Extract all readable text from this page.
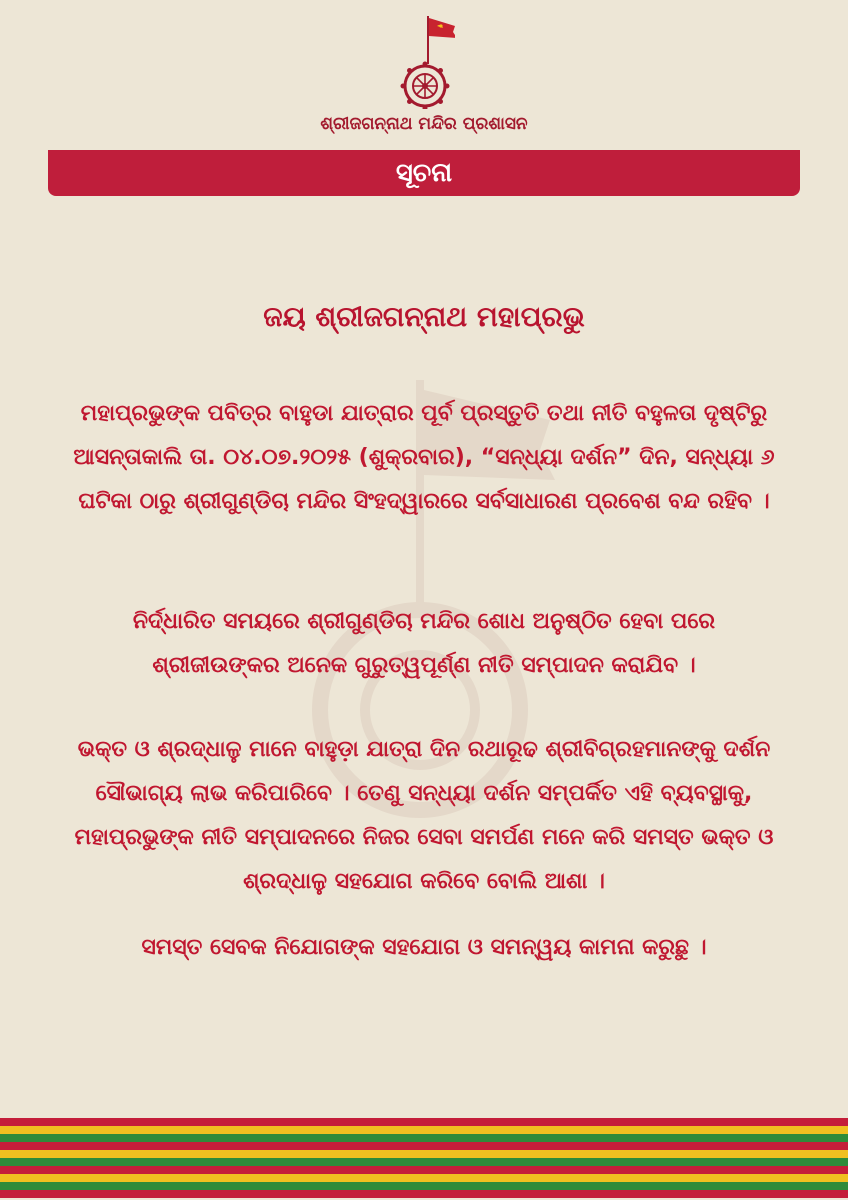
ଶ୍ରୀଜଗନ୍ନାଥ ମନ୍ଦିର ପ୍ରଶାସନ
ସୂଚନା
ଜୟ ଶ୍ରୀଜଗନ୍ନାଥ ମହାପ୍ରଭୁ
ମହାପ୍ରଭୁଙ୍କ ପବିତ୍ର ବାହୁଡା ଯାତ୍ରାର ପୂର୍ବ ପ୍ରସ୍ତୁତି ତଥା ନୀତି ବହୁଳତା ଦୃଷ୍ଟିରୁ ଆସନ୍ତାକାଲି ତା. ୦୪.୦୭.୨୦୨୫ (ଶୁକ୍ରବାର), “ସନ୍ଧ୍ୟା ଦର୍ଶନ” ଦିନ, ସନ୍ଧ୍ୟା ୬ ଘଟିକା ଠାରୁ ଶ୍ରୀଗୁଣ୍ଡିଚା ମନ୍ଦିର ସିଂହଦ୍ୱାରରେ ସର୍ବସାଧାରଣ ପ୍ରବେଶ ବନ୍ଦ ରହିବ ।
ନିର୍ଦ୍ଧାରିତ ସମୟରେ ଶ୍ରୀଗୁଣ୍ଡିଚା ମନ୍ଦିର ଶୋଧ ଅନୁଷ୍ଠିତ ହେବା ପରେ ଶ୍ରୀଜୀଉଙ୍କର ଅନେକ ଗୁରୁତ୍ୱପୂର୍ଣ୍ଣ ନୀତି ସମ୍ପାଦନ କରାଯିବ ।
ଭକ୍ତ ଓ ଶ୍ରଦ୍ଧାଳୁ ମାନେ ବାହୁଡ଼ା ଯାତ୍ରା ଦିନ ରଥାରୂଢ ଶ୍ରୀବିଗ୍ରହମାନଙ୍କୁ ଦର୍ଶନ ସୌଭାଗ୍ୟ ଲାଭ କରିପାରିବେ । ତେଣୁ ସନ୍ଧ୍ୟା ଦର୍ଶନ ସମ୍ପର୍କିତ ଏହି ବ୍ୟବସ୍ଥାକୁ, ମହାପ୍ରଭୁଙ୍କ ନୀତି ସମ୍ପାଦନରେ ନିଜର ସେବା ସମର୍ପଣ ମନେ କରି ସମସ୍ତ ଭକ୍ତ ଓ ଶ୍ରଦ୍ଧାଳୁ ସହଯୋଗ କରିବେ ବୋଲି ଆଶା ।
ସମସ୍ତ ସେବକ ନିଯୋଗଙ୍କ ସହଯୋଗ ଓ ସମନ୍ୱୟ କାମନା କରୁଛୁ ।
